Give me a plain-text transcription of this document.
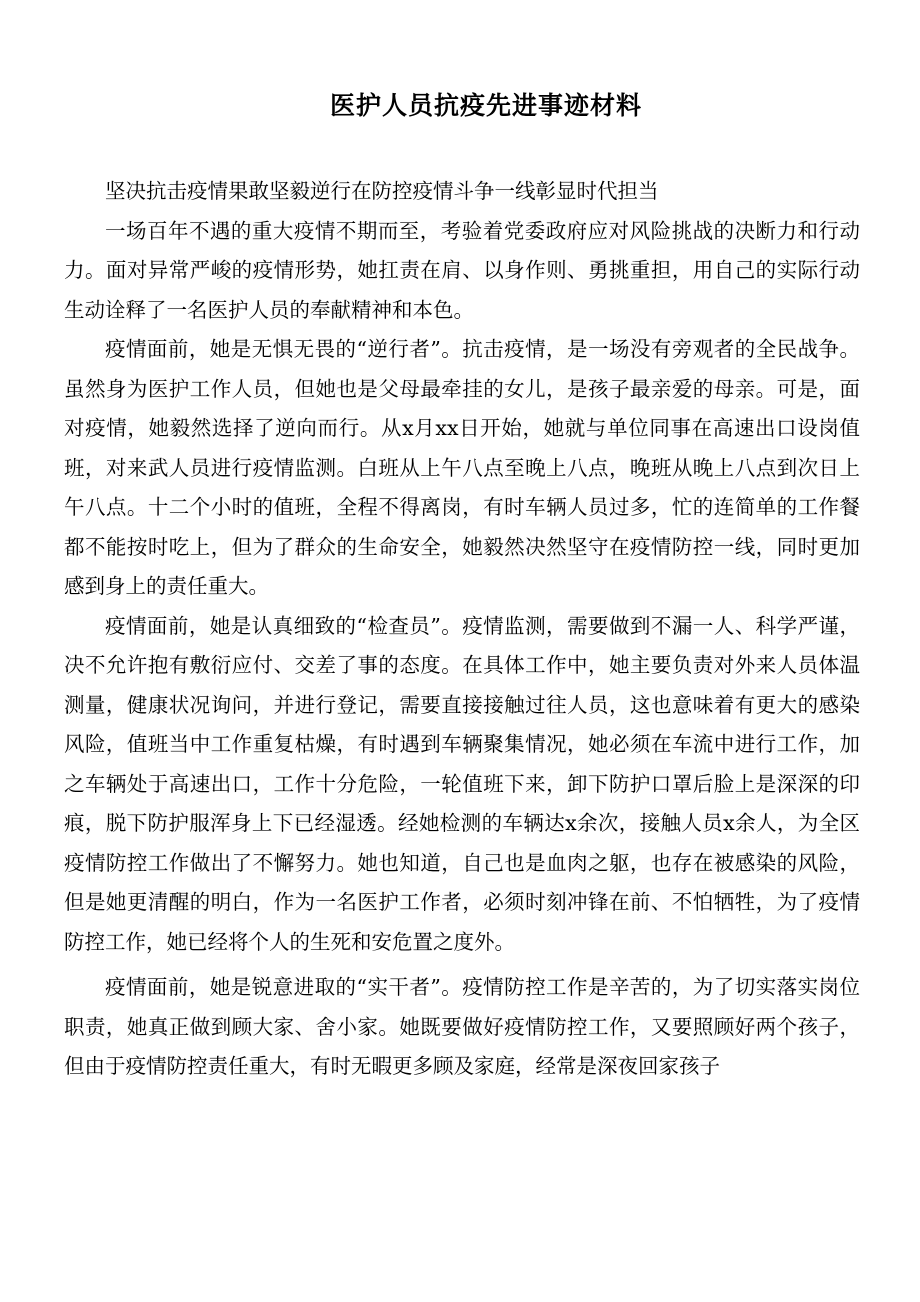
医护人员抗疫先进事迹材料

坚决抗击疫情果敢坚毅逆行在防控疫情斗争一线彰显时代担当

一场百年不遇的重大疫情不期而至，考验着党委政府应对风险挑战的决断力和行动力。面对异常严峻的疫情形势，她扛责在肩、以身作则、勇挑重担，用自己的实际行动生动诠释了一名医护人员的奉献精神和本色。

疫情面前，她是无惧无畏的“逆行者”。抗击疫情，是一场没有旁观者的全民战争。虽然身为医护工作人员，但她也是父母最牵挂的女儿，是孩子最亲爱的母亲。可是，面对疫情，她毅然选择了逆向而行。从x月xx日开始，她就与单位同事在高速出口设岗值班，对来武人员进行疫情监测。白班从上午八点至晚上八点，晚班从晚上八点到次日上午八点。十二个小时的值班，全程不得离岗，有时车辆人员过多，忙的连简单的工作餐都不能按时吃上，但为了群众的生命安全，她毅然决然坚守在疫情防控一线，同时更加感到身上的责任重大。

疫情面前，她是认真细致的“检查员”。疫情监测，需要做到不漏一人、科学严谨，决不允许抱有敷衍应付、交差了事的态度。在具体工作中，她主要负责对外来人员体温测量，健康状况询问，并进行登记，需要直接接触过往人员，这也意味着有更大的感染风险，值班当中工作重复枯燥，有时遇到车辆聚集情况，她必须在车流中进行工作，加之车辆处于高速出口，工作十分危险，一轮值班下来，卸下防护口罩后脸上是深深的印痕，脱下防护服浑身上下已经湿透。经她检测的车辆达x余次，接触人员x余人，为全区疫情防控工作做出了不懈努力。她也知道，自己也是血肉之躯，也存在被感染的风险，但是她更清醒的明白，作为一名医护工作者，必须时刻冲锋在前、不怕牺牲，为了疫情防控工作，她已经将个人的生死和安危置之度外。

疫情面前，她是锐意进取的“实干者”。疫情防控工作是辛苦的，为了切实落实岗位职责，她真正做到顾大家、舍小家。她既要做好疫情防控工作，又要照顾好两个孩子，但由于疫情防控责任重大，有时无暇更多顾及家庭，经常是深夜回家孩子
